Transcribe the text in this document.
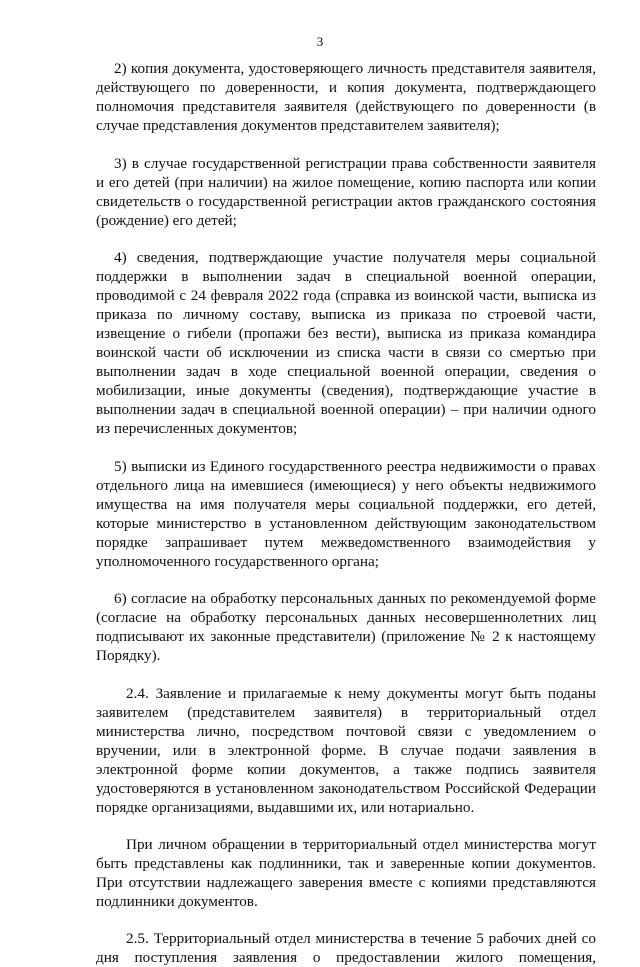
3

2) копия документа, удостоверяющего личность представителя заявителя, действующего по доверенности, и копия документа, подтверждающего полномочия представителя заявителя (действующего по доверенности (в случае представления документов представителем заявителя);

3) в случае государственной регистрации права собственности заявителя и его детей (при наличии) на жилое помещение, копию паспорта или копии свидетельств о государственной регистрации актов гражданского состояния (рождение) его детей;

4) сведения, подтверждающие участие получателя меры социальной поддержки в выполнении задач в специальной военной операции, проводимой с 24 февраля 2022 года (справка из воинской части, выписка из приказа по личному составу, выписка из приказа по строевой части, извещение о гибели (пропажи без вести), выписка из приказа командира воинской части об исключении из списка части в связи со смертью при выполнении задач в ходе специальной военной операции, сведения о мобилизации, иные документы (сведения), подтверждающие участие в выполнении задач в специальной военной операции) – при наличии одного из перечисленных документов;

5) выписки из Единого государственного реестра недвижимости о правах отдельного лица на имевшиеся (имеющиеся) у него объекты недвижимого имущества на имя получателя меры социальной поддержки, его детей, которые министерство в установленном действующим законодательством порядке запрашивает путем межведомственного взаимодействия у уполномоченного государственного органа;

6) согласие на обработку персональных данных по рекомендуемой форме (согласие на обработку персональных данных несовершеннолетних лиц подписывают их законные представители) (приложение № 2 к настоящему Порядку).

2.4. Заявление и прилагаемые к нему документы могут быть поданы заявителем (представителем заявителя) в территориальный отдел министерства лично, посредством почтовой связи с уведомлением о вручении, или в электронной форме. В случае подачи заявления в электронной форме копии документов, а также подпись заявителя удостоверяются в установленном законодательством Российской Федерации порядке организациями, выдавшими их, или нотариально.

При личном обращении в территориальный отдел министерства могут быть представлены как подлинники, так и заверенные копии документов. При отсутствии надлежащего заверения вместе с копиями представляются подлинники документов.

2.5. Территориальный отдел министерства в течение 5 рабочих дней со дня поступления заявления о предоставлении жилого помещения,
